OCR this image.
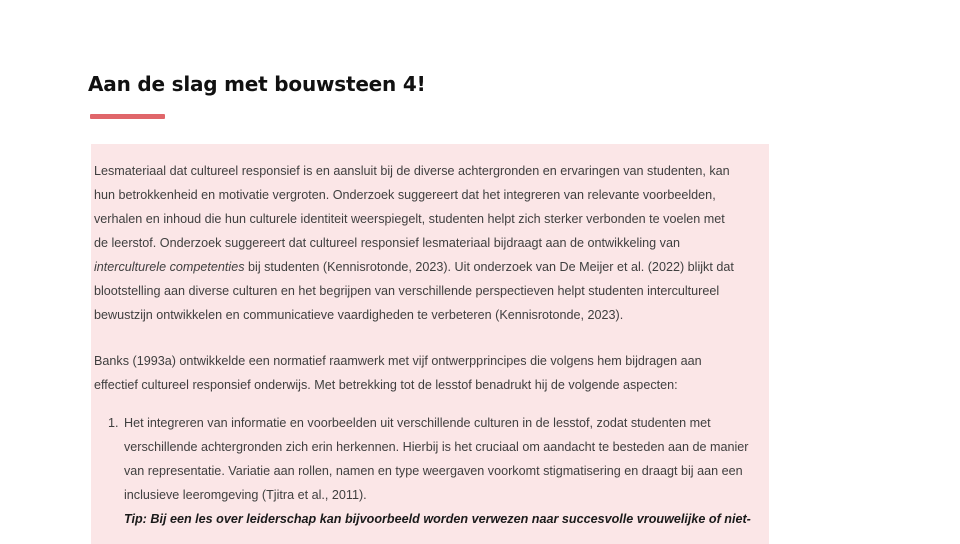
Aan de slag met bouwsteen 4!

Lesmateriaal dat cultureel responsief is en aansluit bij de diverse achtergronden en ervaringen van studenten, kan
hun betrokkenheid en motivatie vergroten. Onderzoek suggereert dat het integreren van relevante voorbeelden,
verhalen en inhoud die hun culturele identiteit weerspiegelt, studenten helpt zich sterker verbonden te voelen met
de leerstof. Onderzoek suggereert dat cultureel responsief lesmateriaal bijdraagt aan de ontwikkeling van
interculturele competenties bij studenten (Kennisrotonde, 2023). Uit onderzoek van De Meijer et al. (2022) blijkt dat
blootstelling aan diverse culturen en het begrijpen van verschillende perspectieven helpt studenten intercultureel
bewustzijn ontwikkelen en communicatieve vaardigheden te verbeteren (Kennisrotonde, 2023).

Banks (1993a) ontwikkelde een normatief raamwerk met vijf ontwerpprincipes die volgens hem bijdragen aan
effectief cultureel responsief onderwijs. Met betrekking tot de lesstof benadrukt hij de volgende aspecten:

1. Het integreren van informatie en voorbeelden uit verschillende culturen in de lesstof, zodat studenten met
verschillende achtergronden zich erin herkennen. Hierbij is het cruciaal om aandacht te besteden aan de manier
van representatie. Variatie aan rollen, namen en type weergaven voorkomt stigmatisering en draagt bij aan een
inclusieve leeromgeving (Tjitra et al., 2011).
Tip: Bij een les over leiderschap kan bijvoorbeeld worden verwezen naar succesvolle vrouwelijke of niet-
